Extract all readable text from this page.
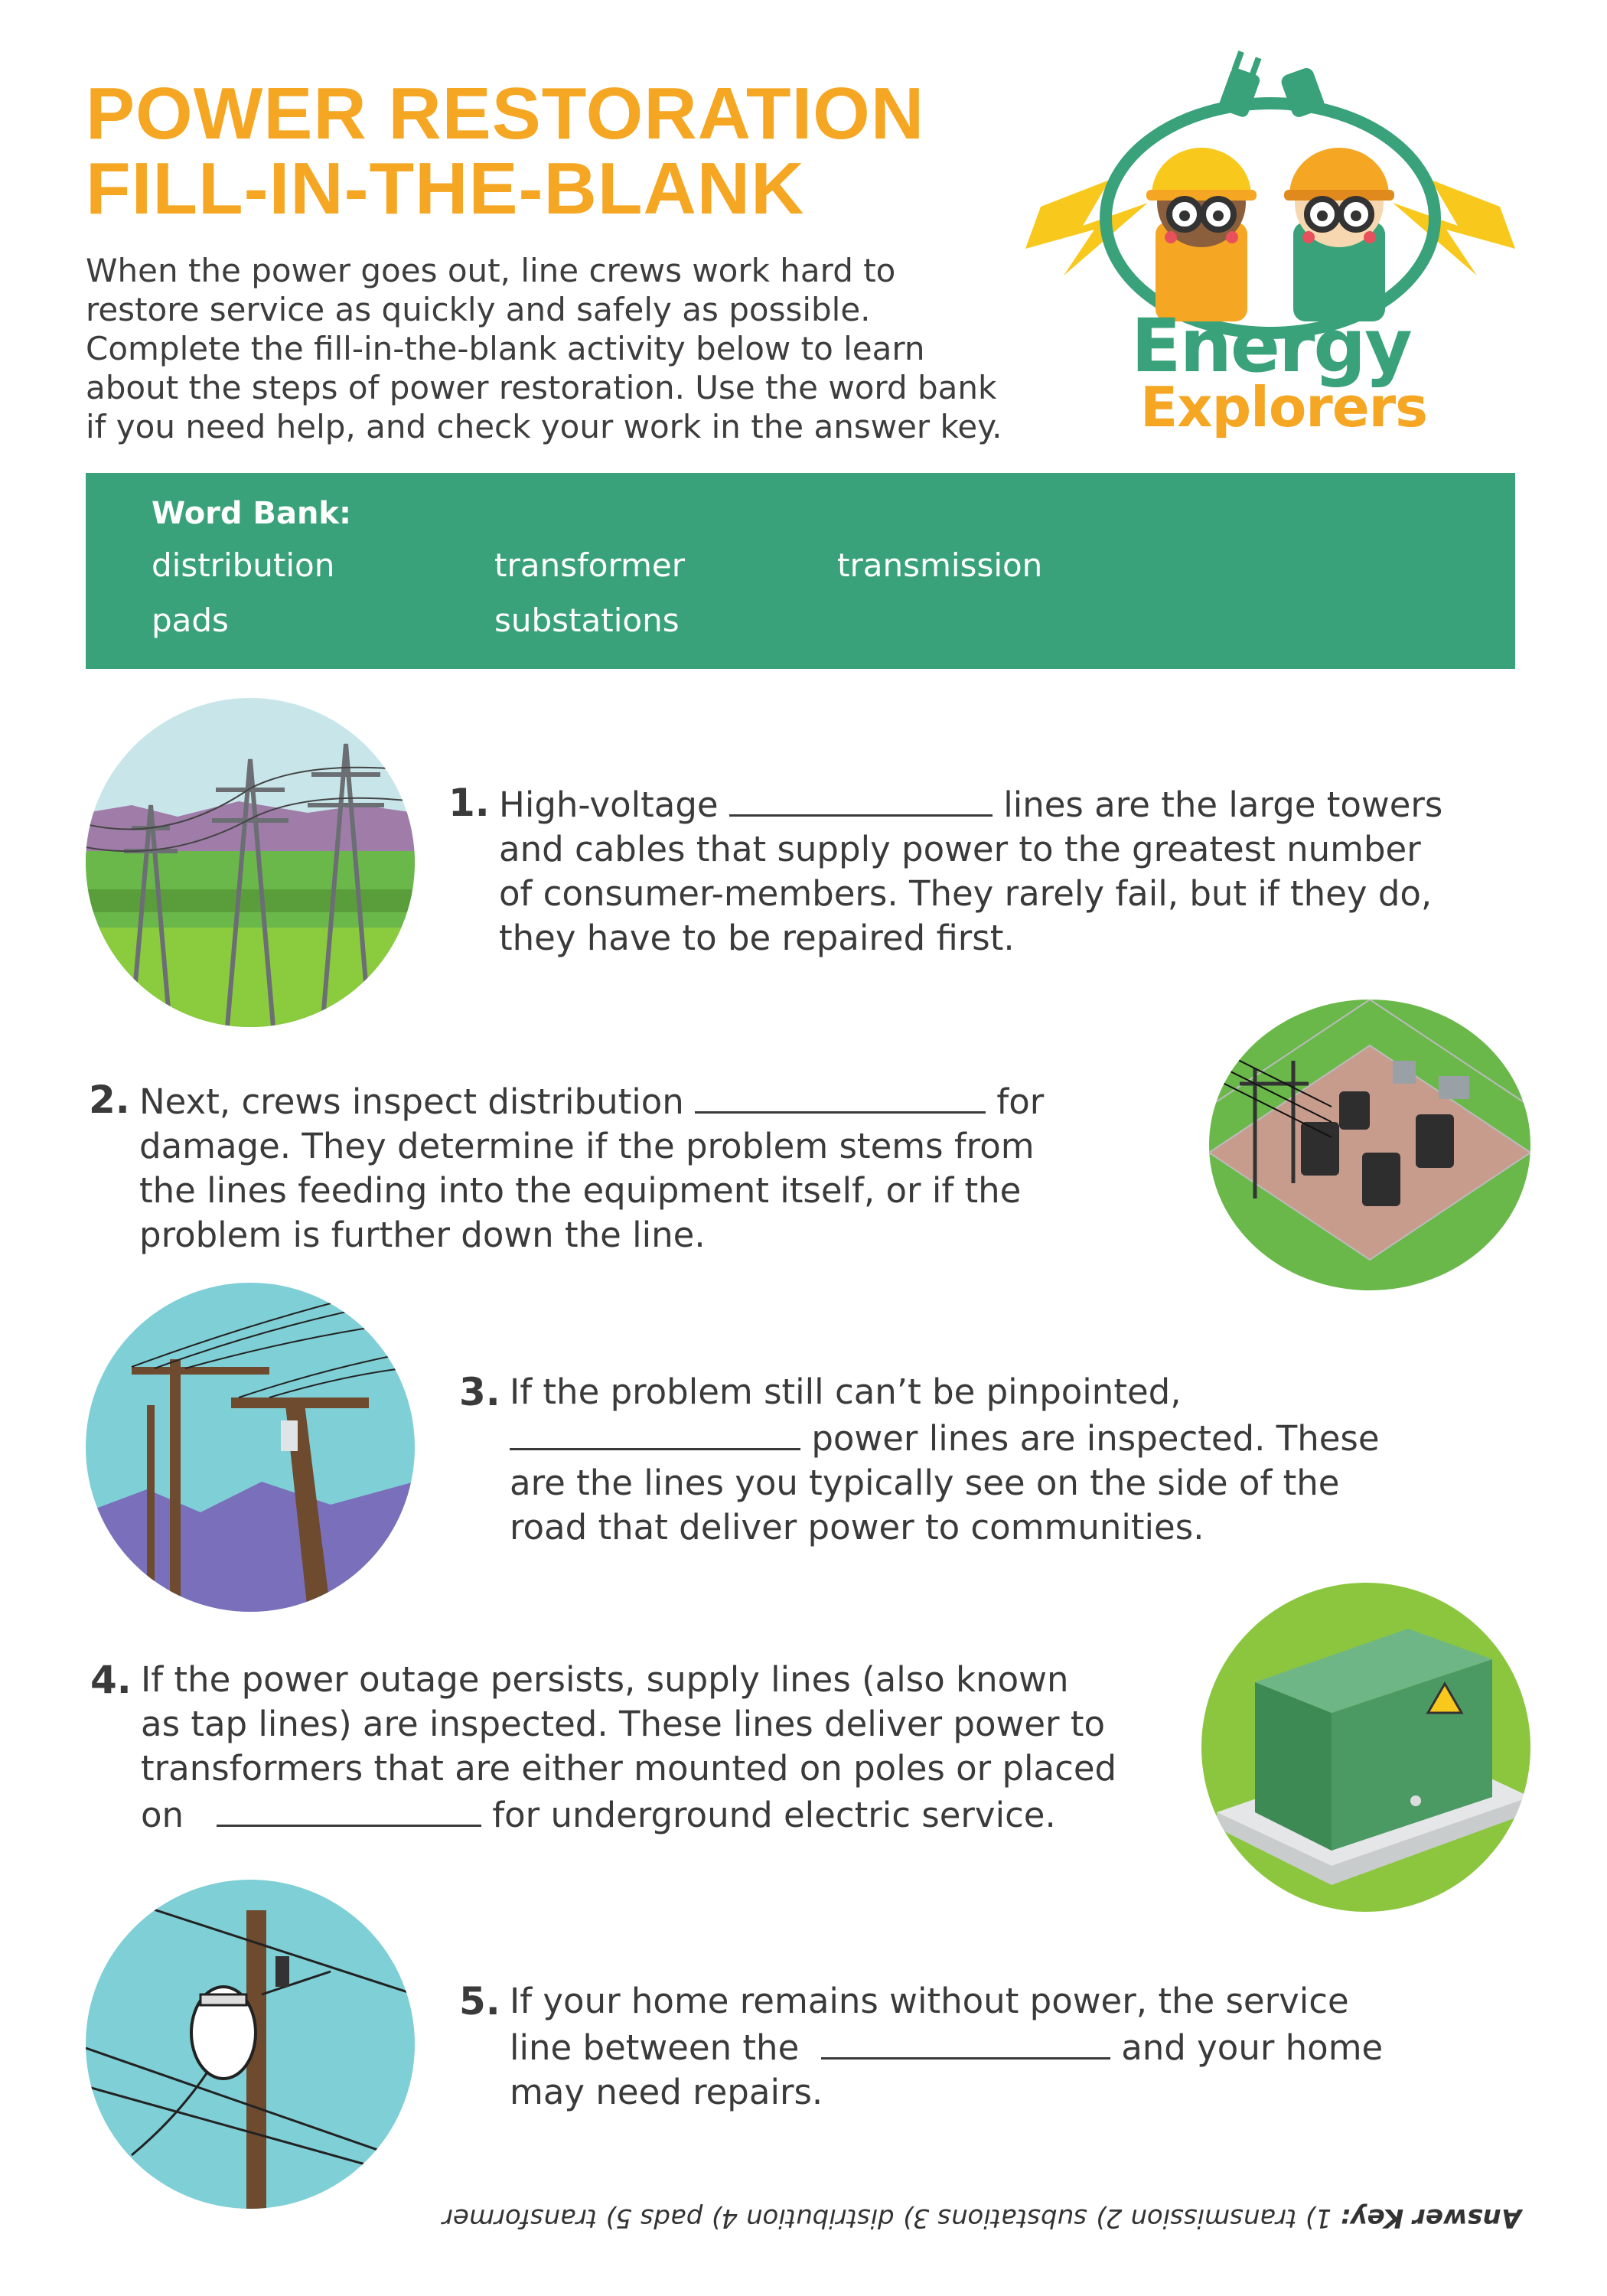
POWER RESTORATION
FILL-IN-THE-BLANK
When the power goes out, line crews work hard to
restore service as quickly and safely as possible.
Complete the fill-in-the-blank activity below to learn
about the steps of power restoration. Use the word bank
if you need help, and check your work in the answer key.
Energy
Explorers
Word Bank:
distribution	transformer	transmission
pads	substations
1. High-voltage	lines are the large towers
and cables that supply power to the greatest number
of consumer-members. They rarely fail, but if they do,
they have to be repaired first.
2. Next, crews inspect distribution	for
damage. They determine if the problem stems from
the lines feeding into the equipment itself, or if the
problem is further down the line.
3. If the problem still can’t be pinpointed,
power lines are inspected. These
are the lines you typically see on the side of the
road that deliver power to communities.
4. If the power outage persists, supply lines (also known
as tap lines) are inspected. These lines deliver power to
transformers that are either mounted on poles or placed
on	for underground electric service.
5. If your home remains without power, the service
line between the	and your home
may need repairs.
Answer Key: 1) transmission 2) substations 3) distribution 4) pads 5) transformer
